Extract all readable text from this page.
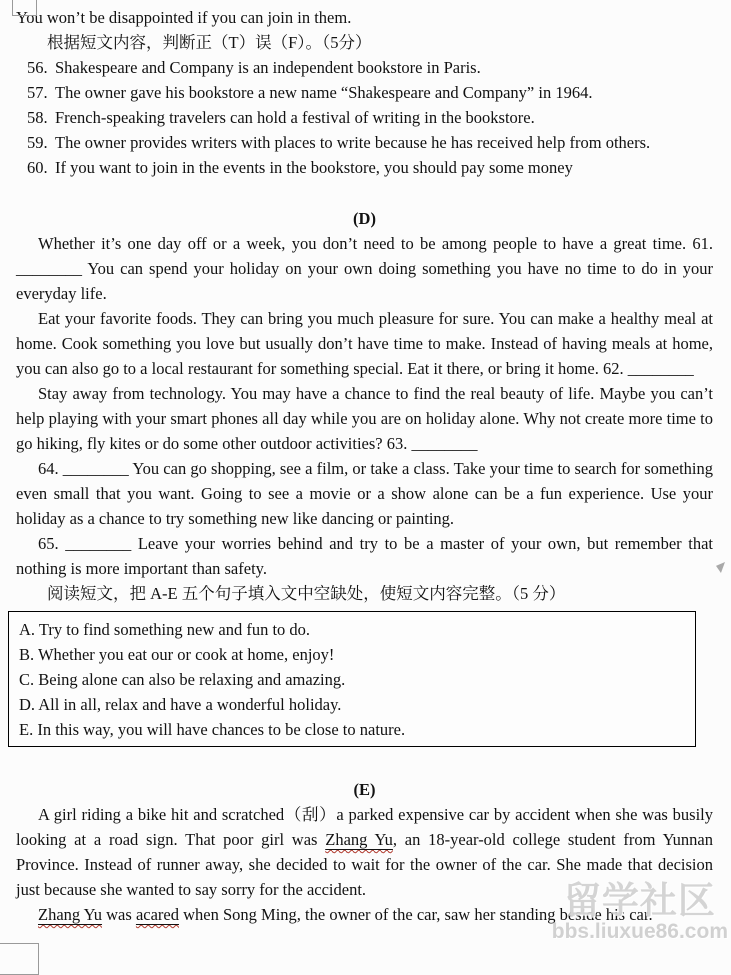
You won’t be disappointed if you can join in them.

根据短文内容，判断正（T）误（F）。（5分）

56. Shakespeare and Company is an independent bookstore in Paris.
57. The owner gave his bookstore a new name “Shakespeare and Company” in 1964.
58. French-speaking travelers can hold a festival of writing in the bookstore.
59. The owner provides writers with places to write because he has received help from others.
60. If you want to join in the events in the bookstore, you should pay some money

(D)

Whether it’s one day off or a week, you don’t need to be among people to have a great time. 61. ________ You can spend your holiday on your own doing something you have no time to do in your everyday life.

Eat your favorite foods. They can bring you much pleasure for sure. You can make a healthy meal at home. Cook something you love but usually don’t have time to make. Instead of having meals at home, you can also go to a local restaurant for something special. Eat it there, or bring it home. 62. ________

Stay away from technology. You may have a chance to find the real beauty of life. Maybe you can’t help playing with your smart phones all day while you are on holiday alone. Why not create more time to go hiking, fly kites or do some other outdoor activities? 63. ________

64. ________ You can go shopping, see a film, or take a class. Take your time to search for something even small that you want. Going to see a movie or a show alone can be a fun experience. Use your holiday as a chance to try something new like dancing or painting.

65. ________ Leave your worries behind and try to be a master of your own, but remember that nothing is more important than safety.

阅读短文，把 A-E 五个句子填入文中空缺处，使短文内容完整。（5 分）

A. Try to find something new and fun to do.
B. Whether you eat our or cook at home, enjoy!
C. Being alone can also be relaxing and amazing.
D. All in all, relax and have a wonderful holiday.
E. In this way, you will have chances to be close to nature.

(E)

A girl riding a bike hit and scratched（刮）a parked expensive car by accident when she was busily looking at a road sign. That poor girl was Zhang Yu, an 18-year-old college student from Yunnan Province. Instead of runner away, she decided to wait for the owner of the car. She made that decision just because she wanted to say sorry for the accident.

Zhang Yu was acared when Song Ming, the owner of the car, saw her standing beside his car.

留学社区
bbs.liuxue86.com
